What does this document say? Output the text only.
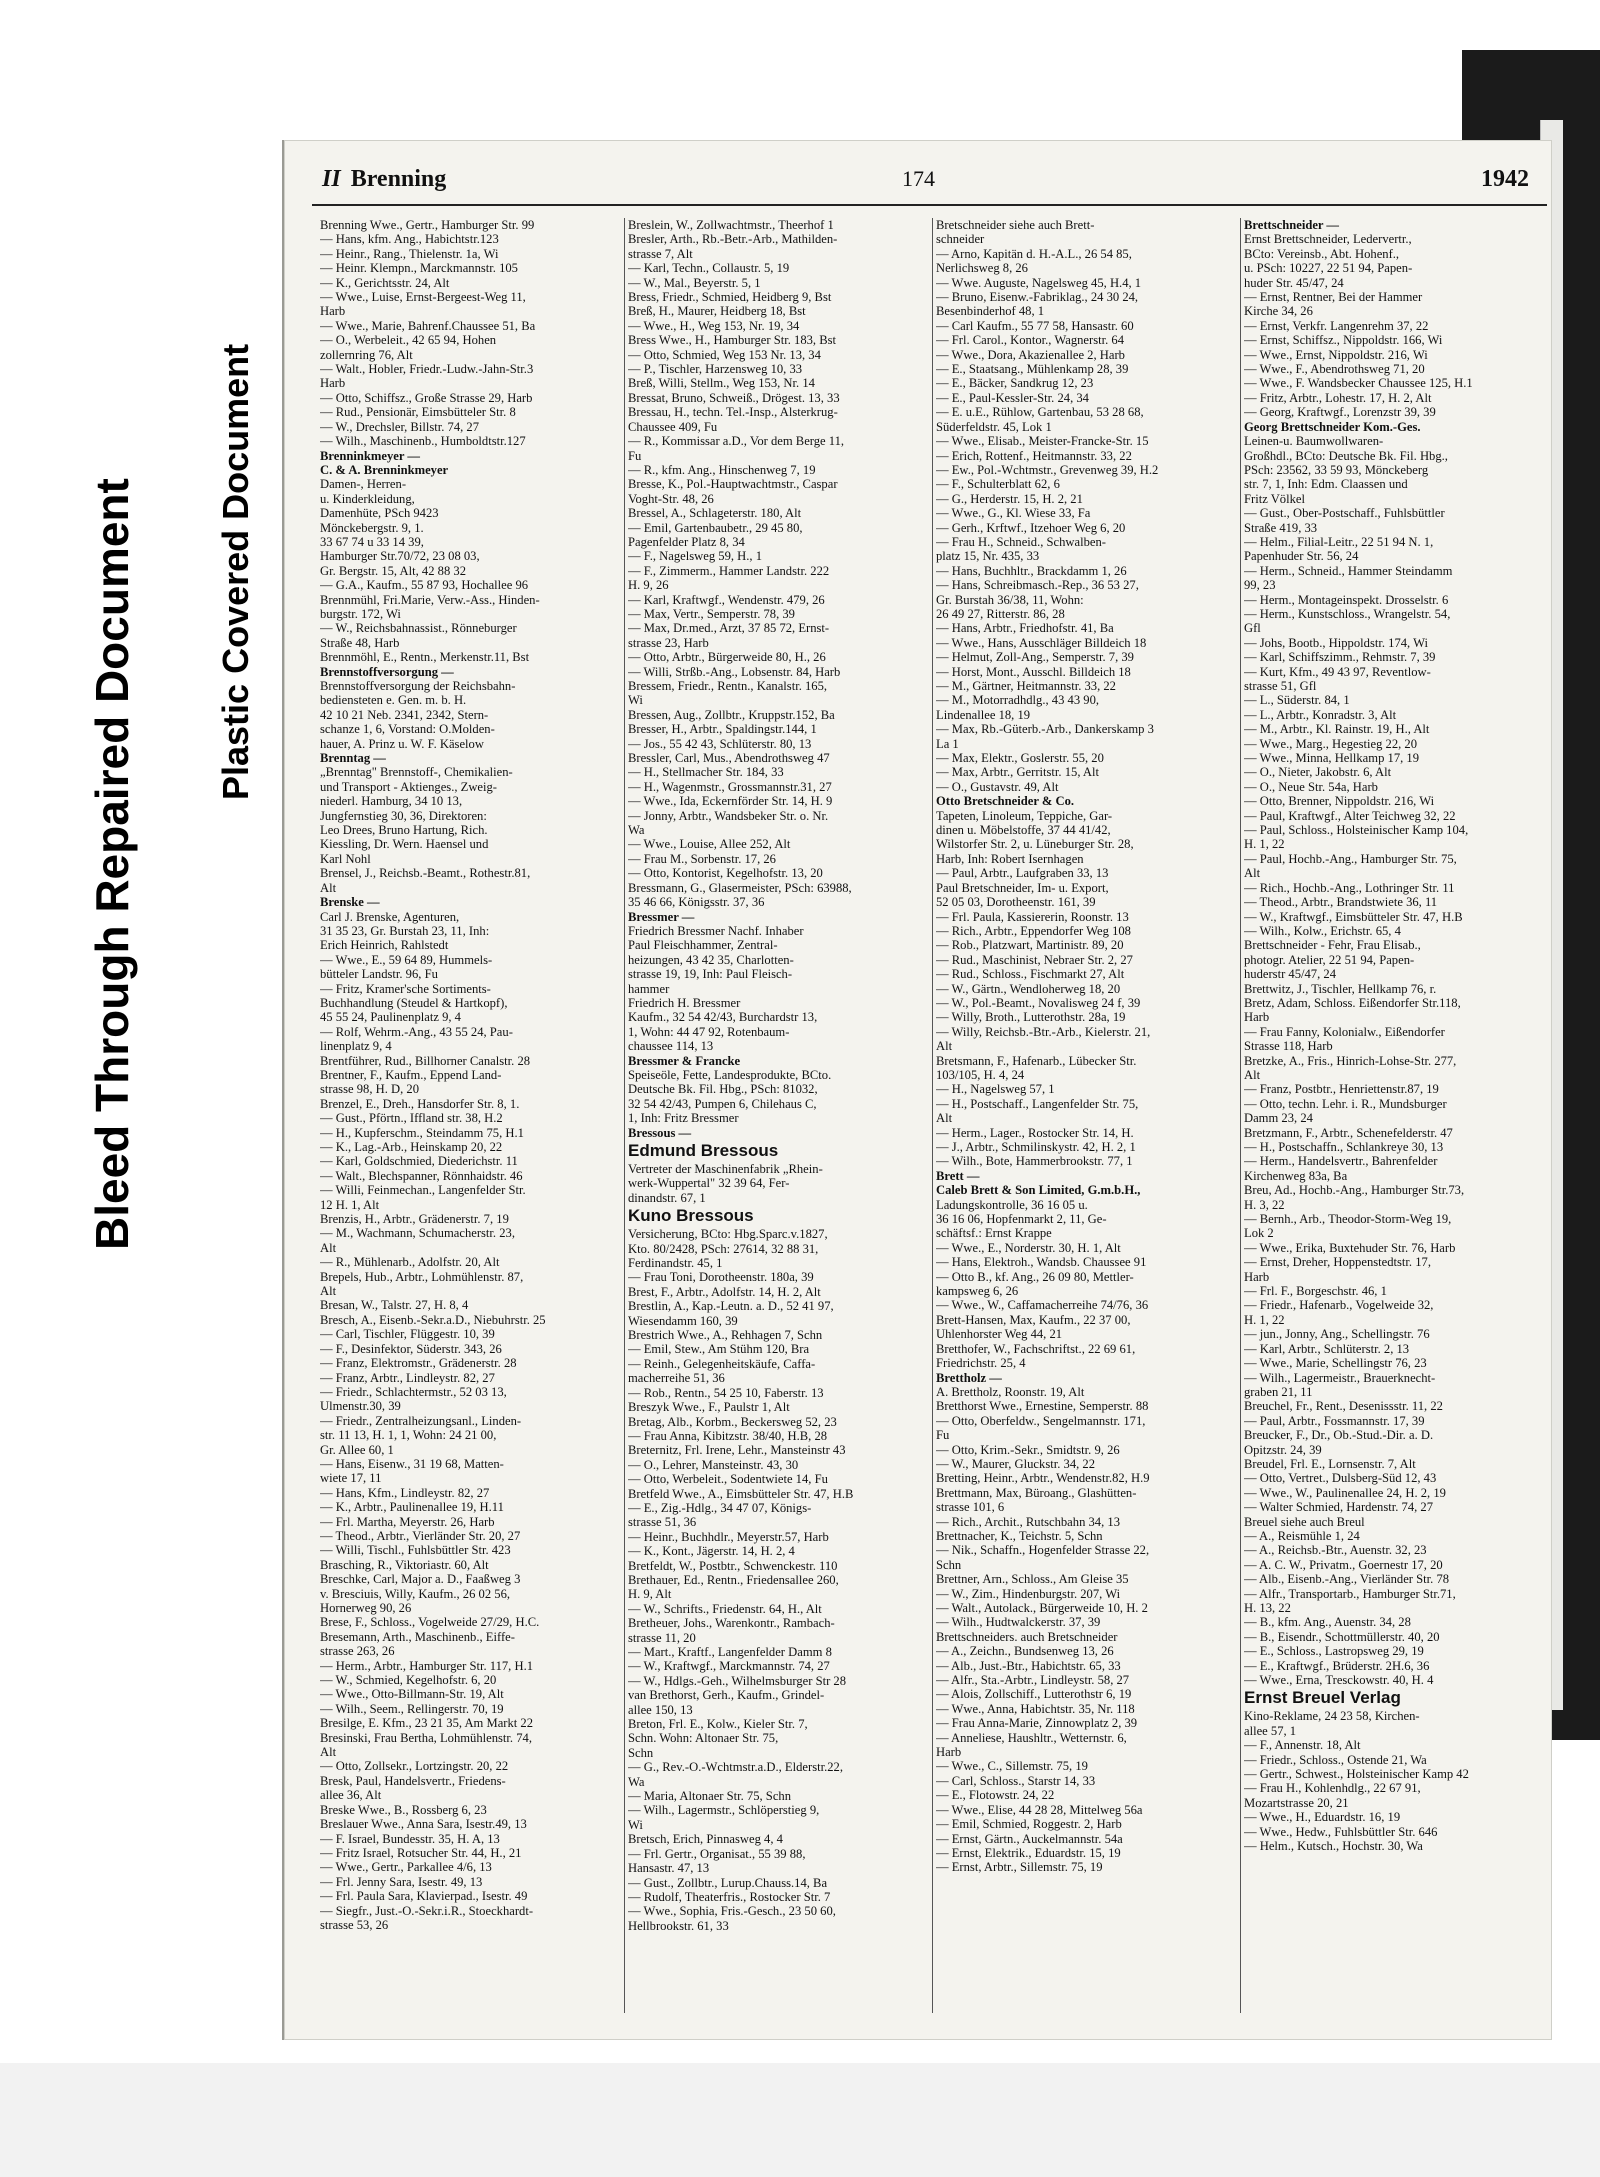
Bleed Through Repaired Document Plastic Covered Document
II Brenning	174	1942
Brenning Wwe., Gertr., Hamburger Str. 99
— Hans, kfm. Ang., Habichtstr.123
— Heinr., Rang., Thielenstr. 1a, Wi
— Heinr. Klempn., Marckmannstr. 105
— K., Gerichtsstr. 24, Alt
— Wwe., Luise, Ernst-Bergeest-Weg 11,
Harb
— Wwe., Marie, Bahrenf.Chaussee 51, Ba
— O., Werbeleit., 42 65 94, Hohen
zollernring 76, Alt
— Walt., Hobler, Friedr.-Ludw.-Jahn-Str.3
Harb
— Otto, Schiffsz., Große Strasse 29, Harb
— Rud., Pensionär, Eimsbütteler Str. 8
— W., Drechsler, Billstr. 74, 27
— Wilh., Maschinenb., Humboldtstr.127
Brenninkmeyer —
C. & A. Brenninkmeyer
Damen-, Herren-
u. Kinderkleidung,
Damenhüte, PSch 9423
Mönckebergstr. 9, 1.
33 67 74 u 33 14 39,
Hamburger Str.70/72, 23 08 03,
Gr. Bergstr. 15, Alt, 42 88 32
— G.A., Kaufm., 55 87 93, Hochallee 96
Brennmühl, Fri.Marie, Verw.-Ass., Hinden-
burgstr. 172, Wi
— W., Reichsbahnassist., Rönneburger
Straße 48, Harb
Brennmöhl, E., Rentn., Merkenstr.11, Bst
Brennstoffversorgung —
Brennstoffversorgung der Reichsbahn-
bediensteten e. Gen. m. b. H.
42 10 21 Neb. 2341, 2342, Stern-
schanze 1, 6, Vorstand: O.Molden-
hauer, A. Prinz u. W. F. Käselow
Brenntag —
„Brenntag" Brennstoff-, Chemikalien-
und Transport - Aktienges., Zweig-
niederl. Hamburg, 34 10 13,
Jungfernstieg 30, 36, Direktoren:
Leo Drees, Bruno Hartung, Rich.
Kiessling, Dr. Wern. Haensel und
Karl Nohl
Brensel, J., Reichsb.-Beamt., Rothestr.81,
Alt
Brenske —
Carl J. Brenske, Agenturen,
31 35 23, Gr. Burstah 23, 11, Inh:
Erich Heinrich, Rahlstedt
— Wwe., E., 59 64 89, Hummels-
bütteler Landstr. 96, Fu
— Fritz, Kramer'sche Sortiments-
Buchhandlung (Steudel & Hartkopf),
45 55 24, Paulinenplatz 9, 4
— Rolf, Wehrm.-Ang., 43 55 24, Pau-
linenplatz 9, 4
Brentführer, Rud., Billhorner Canalstr. 28
Brentner, F., Kaufm., Eppend Land-
strasse 98, H. D, 20
Brenzel, E., Dreh., Hansdorfer Str. 8, 1.
— Gust., Pförtn., Iffland str. 38, H.2
— H., Kupferschm., Steindamm 75, H.1
— K., Lag.-Arb., Heinskamp 20, 22
— Karl, Goldschmied, Diederichstr. 11
— Walt., Blechspanner, Rönnhaidstr. 46
— Willi, Feinmechan., Langenfelder Str.
12 H. 1, Alt
Brenzis, H., Arbtr., Grädenerstr. 7, 19
— M., Wachmann, Schumacherstr. 23,
Alt
— R., Mühlenarb., Adolfstr. 20, Alt
Brepels, Hub., Arbtr., Lohmühlenstr. 87,
Alt
Bresan, W., Talstr. 27, H. 8, 4
Bresch, A., Eisenb.-Sekr.a.D., Niebuhrstr. 25
— Carl, Tischler, Flüggestr. 10, 39
— F., Desinfektor, Süderstr. 343, 26
— Franz, Elektromstr., Grädenerstr. 28
— Franz, Arbtr., Lindleystr. 82, 27
— Friedr., Schlachtermstr., 52 03 13,
Ulmenstr.30, 39
— Friedr., Zentralheizungsanl., Linden-
str. 11 13, H. 1, 1, Wohn: 24 21 00,
Gr. Allee 60, 1
— Hans, Eisenw., 31 19 68, Matten-
wiete 17, 11
— Hans, Kfm., Lindleystr. 82, 27
— K., Arbtr., Paulinenallee 19, H.11
— Frl. Martha, Meyerstr. 26, Harb
— Theod., Arbtr., Vierländer Str. 20, 27
— Willi, Tischl., Fuhlsbüttler Str. 423
Brasching, R., Viktoriastr. 60, Alt
Breschke, Carl, Major a. D., Faaßweg 3
v. Bresciuis, Willy, Kaufm., 26 02 56,
Hornerweg 90, 26
Brese, F., Schloss., Vogelweide 27/29, H.C.
Bresemann, Arth., Maschinenb., Eiffe-
strasse 263, 26
— Herm., Arbtr., Hamburger Str. 117, H.1
— W., Schmied, Kegelhofstr. 6, 20
— Wwe., Otto-Billmann-Str. 19, Alt
— Wilh., Seem., Rellingerstr. 70, 19
Bresilge, E. Kfm., 23 21 35, Am Markt 22
Bresinski, Frau Bertha, Lohmühlenstr. 74,
Alt
— Otto, Zollsekr., Lortzingstr. 20, 22
Bresk, Paul, Handelsvertr., Friedens-
allee 36, Alt
Breske Wwe., B., Rossberg 6, 23
Breslauer Wwe., Anna Sara, Isestr.49, 13
— F. Israel, Bundesstr. 35, H. A, 13
— Fritz Israel, Rotsucher Str. 44, H., 21
— Wwe., Gertr., Parkallee 4/6, 13
— Frl. Jenny Sara, Isestr. 49, 13
— Frl. Paula Sara, Klavierpad., Isestr. 49
— Siegfr., Just.-O.-Sekr.i.R., Stoeckhardt-
strasse 53, 26
Breslein, W., Zollwachtmstr., Theerhof 1
Bresler, Arth., Rb.-Betr.-Arb., Mathilden-
strasse 7, Alt
— Karl, Techn., Collaustr. 5, 19
— W., Mal., Beyerstr. 5, 1
Bress, Friedr., Schmied, Heidberg 9, Bst
Breß, H., Maurer, Heidberg 18, Bst
— Wwe., H., Weg 153, Nr. 19, 34
Bress Wwe., H., Hamburger Str. 183, Bst
— Otto, Schmied, Weg 153 Nr. 13, 34
— P., Tischler, Harzensweg 10, 33
Breß, Willi, Stellm., Weg 153, Nr. 14
Bressat, Bruno, Schweiß., Drögest. 13, 33
Bressau, H., techn. Tel.-Insp., Alsterkrug-
Chaussee 409, Fu
— R., Kommissar a.D., Vor dem Berge 11,
Fu
— R., kfm. Ang., Hinschenweg 7, 19
Bresse, K., Pol.-Hauptwachtmstr., Caspar
Voght-Str. 48, 26
Bressel, A., Schlageterstr. 180, Alt
— Emil, Gartenbaubetr., 29 45 80,
Pagenfelder Platz 8, 34
— F., Nagelsweg 59, H., 1
— F., Zimmerm., Hammer Landstr. 222
H. 9, 26
— Karl, Kraftwgf., Wendenstr. 479, 26
— Max, Vertr., Semperstr. 78, 39
— Max, Dr.med., Arzt, 37 85 72, Ernst-
strasse 23, Harb
— Otto, Arbtr., Bürgerweide 80, H., 26
— Willi, Strßb.-Ang., Lobsenstr. 84, Harb
Bressem, Friedr., Rentn., Kanalstr. 165,
Wi
Bressen, Aug., Zollbtr., Kruppstr.152, Ba
Bresser, H., Arbtr., Spaldingstr.144, 1
— Jos., 55 42 43, Schlüterstr. 80, 13
Bressler, Carl, Mus., Abendrothsweg 47
— H., Stellmacher Str. 184, 33
— H., Wagenmstr., Grossmannstr.31, 27
— Wwe., Ida, Eckernförder Str. 14, H. 9
— Jonny, Arbtr., Wandsbeker Str. o. Nr.
Wa
— Wwe., Louise, Allee 252, Alt
— Frau M., Sorbenstr. 17, 26
— Otto, Kontorist, Kegelhofstr. 13, 20
Bressmann, G., Glasermeister, PSch: 63988,
35 46 66, Königsstr. 37, 36
Bressmer —
Friedrich Bressmer Nachf. Inhaber
Paul Fleischhammer, Zentral-
heizungen, 43 42 35, Charlotten-
strasse 19, 19, Inh: Paul Fleisch-
hammer
Friedrich H. Bressmer
Kaufm., 32 54 42/43, Burchardstr 13,
1, Wohn: 44 47 92, Rotenbaum-
chaussee 114, 13
Bressmer & Francke
Speiseöle, Fette, Landesprodukte, BCto.
Deutsche Bk. Fil. Hbg., PSch: 81032,
32 54 42/43, Pumpen 6, Chilehaus C,
1, Inh: Fritz Bressmer
Bressous —
Edmund Bressous
Vertreter der Maschinenfabrik „Rhein-
werk-Wuppertal" 32 39 64, Fer-
dinandstr. 67, 1
Kuno Bressous
Versicherung, BCto: Hbg.Sparc.v.1827,
Kto. 80/2428, PSch: 27614, 32 88 31,
Ferdinandstr. 45, 1
— Frau Toni, Dorotheenstr. 180a, 39
Brest, F., Arbtr., Adolfstr. 14, H. 2, Alt
Brestlin, A., Kap.-Leutn. a. D., 52 41 97,
Wiesendamm 160, 39
Brestrich Wwe., A., Rehhagen 7, Schn
— Emil, Stew., Am Stühm 120, Bra
— Reinh., Gelegenheitskäufe, Caffa-
macherreihe 51, 36
— Rob., Rentn., 54 25 10, Faberstr. 13
Breszyk Wwe., F., Paulstr 1, Alt
Bretag, Alb., Korbm., Beckersweg 52, 23
— Frau Anna, Kibitzstr. 38/40, H.B, 28
Breternitz, Frl. Irene, Lehr., Mansteinstr 43
— O., Lehrer, Mansteinstr. 43, 30
— Otto, Werbeleit., Sodentwiete 14, Fu
Bretfeld Wwe., A., Eimsbütteler Str. 47, H.B
— E., Zig.-Hdlg., 34 47 07, Königs-
strasse 51, 36
— Heinr., Buchhdlr., Meyerstr.57, Harb
— K., Kont., Jägerstr. 14, H. 2, 4
Bretfeldt, W., Postbtr., Schwenckestr. 110
Brethauer, Ed., Rentn., Friedensallee 260,
H. 9, Alt
— W., Schrifts., Friedenstr. 64, H., Alt
Bretheuer, Johs., Warenkontr., Rambach-
strasse 11, 20
— Mart., Kraftf., Langenfelder Damm 8
— W., Kraftwgf., Marckmannstr. 74, 27
— W., Hdlgs.-Geh., Wilhelmsburger Str 28
van Brethorst, Gerh., Kaufm., Grindel-
allee 150, 13
Breton, Frl. E., Kolw., Kieler Str. 7,
Schn. Wohn: Altonaer Str. 75,
Schn
— G., Rev.-O.-Wchtmstr.a.D., Elderstr.22,
Wa
— Maria, Altonaer Str. 75, Schn
— Wilh., Lagermstr., Schlöperstieg 9,
Wi
Bretsch, Erich, Pinnasweg 4, 4
— Frl. Gertr., Organisat., 55 39 88,
Hansastr. 47, 13
— Gust., Zollbtr., Lurup.Chauss.14, Ba
— Rudolf, Theaterfris., Rostocker Str. 7
— Wwe., Sophia, Fris.-Gesch., 23 50 60,
Hellbrookstr. 61, 33
Bretschneider siehe auch Brett-
schneider
— Arno, Kapitän d. H.-A.L., 26 54 85,
Nerlichsweg 8, 26
— Wwe. Auguste, Nagelsweg 45, H.4, 1
— Bruno, Eisenw.-Fabriklag., 24 30 24,
Besenbinderhof 48, 1
— Carl Kaufm., 55 77 58, Hansastr. 60
— Frl. Carol., Kontor., Wagnerstr. 64
— Wwe., Dora, Akazienallee 2, Harb
— E., Staatsang., Mühlenkamp 28, 39
— E., Bäcker, Sandkrug 12, 23
— E., Paul-Kessler-Str. 24, 34
— E. u.E., Rühlow, Gartenbau, 53 28 68,
Süderfeldstr. 45, Lok 1
— Wwe., Elisab., Meister-Francke-Str. 15
— Erich, Rottenf., Heitmannstr. 33, 22
— Ew., Pol.-Wchtmstr., Grevenweg 39, H.2
— F., Schulterblatt 62, 6
— G., Herderstr. 15, H. 2, 21
— Wwe., G., Kl. Wiese 33, Fa
— Gerh., Krftwf., Itzehoer Weg 6, 20
— Frau H., Schneid., Schwalben-
platz 15, Nr. 435, 33
— Hans, Buchhltr., Brackdamm 1, 26
— Hans, Schreibmasch.-Rep., 36 53 27,
Gr. Burstah 36/38, 11, Wohn:
26 49 27, Ritterstr. 86, 28
— Hans, Arbtr., Friedhofstr. 41, Ba
— Wwe., Hans, Ausschläger Billdeich 18
— Helmut, Zoll-Ang., Semperstr. 7, 39
— Horst, Mont., Ausschl. Billdeich 18
— M., Gärtner, Heitmannstr. 33, 22
— M., Motorradhdlg., 43 43 90,
Lindenallee 18, 19
— Max, Rb.-Güterb.-Arb., Dankerskamp 3
La 1
— Max, Elektr., Goslerstr. 55, 20
— Max, Arbtr., Gerritstr. 15, Alt
— O., Gustavstr. 49, Alt
Otto Bretschneider & Co.
Tapeten, Linoleum, Teppiche, Gar-
dinen u. Möbelstoffe, 37 44 41/42,
Wilstorfer Str. 2, u. Lüneburger Str. 28,
Harb, Inh: Robert Isernhagen
— Paul, Arbtr., Laufgraben 33, 13
Paul Bretschneider, Im- u. Export,
52 05 03, Dorotheenstr. 161, 39
— Frl. Paula, Kassiererin, Roonstr. 13
— Rich., Arbtr., Eppendorfer Weg 108
— Rob., Platzwart, Martinistr. 89, 20
— Rud., Maschinist, Nebraer Str. 2, 27
— Rud., Schloss., Fischmarkt 27, Alt
— W., Gärtn., Wendloherweg 18, 20
— W., Pol.-Beamt., Novalisweg 24 f, 39
— Willy, Broth., Lutterothstr. 28a, 19
— Willy, Reichsb.-Btr.-Arb., Kielerstr. 21,
Alt
Bretsmann, F., Hafenarb., Lübecker Str.
103/105, H. 4, 24
— H., Nagelsweg 57, 1
— H., Postschaff., Langenfelder Str. 75,
Alt
— Herm., Lager., Rostocker Str. 14, H.
— J., Arbtr., Schmilinskystr. 42, H. 2, 1
— Wilh., Bote, Hammerbrookstr. 77, 1
Brett —
Caleb Brett & Son Limited, G.m.b.H.,
Ladungskontrolle, 36 16 05 u.
36 16 06, Hopfenmarkt 2, 11, Ge-
schäftsf.: Ernst Krappe
— Wwe., E., Norderstr. 30, H. 1, Alt
— Hans, Elektroh., Wandsb. Chaussee 91
— Otto B., kf. Ang., 26 09 80, Mettler-
kampsweg 6, 26
— Wwe., W., Caffamacherreihe 74/76, 36
Brett-Hansen, Max, Kaufm., 22 37 00,
Uhlenhorster Weg 44, 21
Bretthofer, W., Fachschriftst., 22 69 61,
Friedrichstr. 25, 4
Brettholz —
A. Brettholz, Roonstr. 19, Alt
Bretthorst Wwe., Ernestine, Semperstr. 88
— Otto, Oberfeldw., Sengelmannstr. 171,
Fu
— Otto, Krim.-Sekr., Smidtstr. 9, 26
— W., Maurer, Gluckstr. 34, 22
Bretting, Heinr., Arbtr., Wendenstr.82, H.9
Brettmann, Max, Büroang., Glashütten-
strasse 101, 6
— Rich., Archit., Rutschbahn 34, 13
Brettnacher, K., Teichstr. 5, Schn
— Nik., Schaffn., Hogenfelder Strasse 22,
Schn
Brettner, Arn., Schloss., Am Gleise 35
— W., Zim., Hindenburgstr. 207, Wi
— Walt., Autolack., Bürgerweide 10, H. 2
— Wilh., Hudtwalckerstr. 37, 39
Brettschneiders. auch Bretschneider
— A., Zeichn., Bundsenweg 13, 26
— Alb., Just.-Btr., Habichtstr. 65, 33
— Alfr., Sta.-Arbtr., Lindleystr. 58, 27
— Alois, Zollschiff., Lutterothstr 6, 19
— Wwe., Anna, Habichtstr. 35, Nr. 118
— Frau Anna-Marie, Zinnowplatz 2, 39
— Anneliese, Haushltr., Wetternstr. 6,
Harb
— Wwe., C., Sillemstr. 75, 19
— Carl, Schloss., Starstr 14, 33
— E., Flotowstr. 24, 22
— Wwe., Elise, 44 28 28, Mittelweg 56a
— Emil, Schmied, Roggestr. 2, Harb
— Ernst, Gärtn., Auckelmannstr. 54a
— Ernst, Elektrik., Eduardstr. 15, 19
— Ernst, Arbtr., Sillemstr. 75, 19
Brettschneider —
Ernst Brettschneider, Ledervertr.,
BCto: Vereinsb., Abt. Hohenf.,
u. PSch: 10227, 22 51 94, Papen-
huder Str. 45/47, 24
— Ernst, Rentner, Bei der Hammer
Kirche 34, 26
— Ernst, Verkfr. Langenrehm 37, 22
— Ernst, Schiffsz., Nippoldstr. 166, Wi
— Wwe., Ernst, Nippoldstr. 216, Wi
— Wwe., F., Abendrothsweg 71, 20
— Wwe., F. Wandsbecker Chaussee 125, H.1
— Fritz, Arbtr., Lohestr. 17, H. 2, Alt
— Georg, Kraftwgf., Lorenzstr 39, 39
Georg Brettschneider Kom.-Ges.
Leinen-u. Baumwollwaren-
Großhdl., BCto: Deutsche Bk. Fil. Hbg.,
PSch: 23562, 33 59 93, Mönckeberg
str. 7, 1, Inh: Edm. Claassen und
Fritz Völkel
— Gust., Ober-Postschaff., Fuhlsbüttler
Straße 419, 33
— Helm., Filial-Leitr., 22 51 94 N. 1,
Papenhuder Str. 56, 24
— Herm., Schneid., Hammer Steindamm
99, 23
— Herm., Montageinspekt. Drosselstr. 6
— Herm., Kunstschloss., Wrangelstr. 54,
Gfl
— Johs, Bootb., Hippoldstr. 174, Wi
— Karl, Schiffszimm., Rehmstr. 7, 39
— Kurt, Kfm., 49 43 97, Reventlow-
strasse 51, Gfl
— L., Süderstr. 84, 1
— L., Arbtr., Konradstr. 3, Alt
— M., Arbtr., Kl. Rainstr. 19, H., Alt
— Wwe., Marg., Hegestieg 22, 20
— Wwe., Minna, Hellkamp 17, 19
— O., Nieter, Jakobstr. 6, Alt
— O., Neue Str. 54a, Harb
— Otto, Brenner, Nippoldstr. 216, Wi
— Paul, Kraftwgf., Alter Teichweg 32, 22
— Paul, Schloss., Holsteinischer Kamp 104,
H. 1, 22
— Paul, Hochb.-Ang., Hamburger Str. 75,
Alt
— Rich., Hochb.-Ang., Lothringer Str. 11
— Theod., Arbtr., Brandstwiete 36, 11
— W., Kraftwgf., Eimsbütteler Str. 47, H.B
— Wilh., Kolw., Erichstr. 65, 4
Brettschneider - Fehr, Frau Elisab.,
photogr. Atelier, 22 51 94, Papen-
huderstr 45/47, 24
Brettwitz, J., Tischler, Hellkamp 76, r.
Bretz, Adam, Schloss. Eißendorfer Str.118,
Harb
— Frau Fanny, Kolonialw., Eißendorfer
Strasse 118, Harb
Bretzke, A., Fris., Hinrich-Lohse-Str. 277,
Alt
— Franz, Postbtr., Henriettenstr.87, 19
— Otto, techn. Lehr. i. R., Mundsburger
Damm 23, 24
Bretzmann, F., Arbtr., Schenefelderstr. 47
— H., Postschaffn., Schlankreye 30, 13
— Herm., Handelsvertr., Bahrenfelder
Kirchenweg 83a, Ba
Breu, Ad., Hochb.-Ang., Hamburger Str.73,
H. 3, 22
— Bernh., Arb., Theodor-Storm-Weg 19,
Lok 2
— Wwe., Erika, Buxtehuder Str. 76, Harb
— Ernst, Dreher, Hoppenstedtstr. 17,
Harb
— Frl. F., Borgeschstr. 46, 1
— Friedr., Hafenarb., Vogelweide 32,
H. 1, 22
— jun., Jonny, Ang., Schellingstr. 76
— Karl, Arbtr., Schlüterstr. 2, 13
— Wwe., Marie, Schellingstr 76, 23
— Wilh., Lagermeistr., Brauerknecht-
graben 21, 11
Breuchel, Fr., Rent., Desenissstr. 11, 22
— Paul, Arbtr., Fossmannstr. 17, 39
Breucker, F., Dr., Ob.-Stud.-Dir. a. D.
Opitzstr. 24, 39
Breudel, Frl. E., Lornsenstr. 7, Alt
— Otto, Vertret., Dulsberg-Süd 12, 43
— Wwe., W., Paulinenallee 24, H. 2, 19
— Walter Schmied, Hardenstr. 74, 27
Breuel siehe auch Breul
— A., Reismühle 1, 24
— A., Reichsb.-Btr., Auenstr. 32, 23
— A. C. W., Privatm., Goernestr 17, 20
— Alb., Eisenb.-Ang., Vierländer Str. 78
— Alfr., Transportarb., Hamburger Str.71,
H. 13, 22
— B., kfm. Ang., Auenstr. 34, 28
— B., Eisendr., Schottmüllerstr. 40, 20
— E., Schloss., Lastropsweg 29, 19
— E., Kraftwgf., Brüderstr. 2H.6, 36
— Wwe., Erna, Tresckowstr. 40, H. 4
Ernst Breuel Verlag
Kino-Reklame, 24 23 58, Kirchen-
allee 57, 1
— F., Annenstr. 18, Alt
— Friedr., Schloss., Ostende 21, Wa
— Gertr., Schwest., Holsteinischer Kamp 42
— Frau H., Kohlenhdlg., 22 67 91,
Mozartstrasse 20, 21
— Wwe., H., Eduardstr. 16, 19
— Wwe., Hedw., Fuhlsbüttler Str. 646
— Helm., Kutsch., Hochstr. 30, Wa
